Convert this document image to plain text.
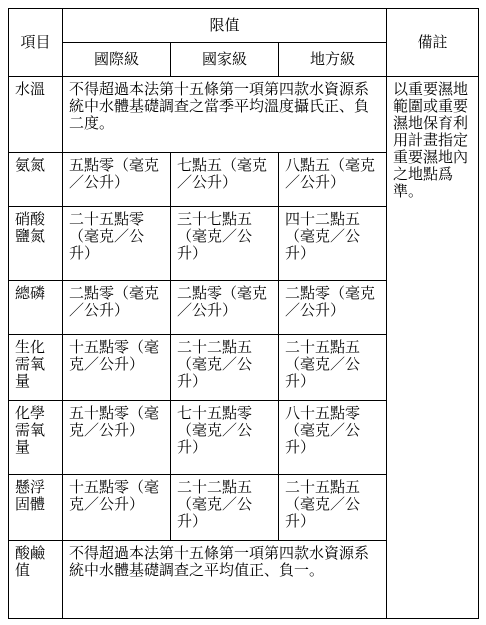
項目	限值			備註
	國際級	國家級	地方級	
水溫	不得超過本法第十五條第一項第四款水資源系統中水體基礎調查之當季平均溫度攝氏正、負二度。			以重要濕地範圍或重要濕地保育利用計畫指定重要濕地內之地點爲準。
氨氮	五點零（毫克／公升）	七點五（毫克／公升）	八點五（毫克／公升）	
硝酸鹽氮	二十五點零（毫克／公升）	三十七點五（毫克／公升）	四十二點五（毫克／公升）	
總磷	二點零（毫克／公升）	二點零（毫克／公升）	二點零（毫克／公升）	
生化需氧量	十五點零（毫克／公升）	二十二點五（毫克／公升）	二十五點五（毫克／公升）	
化學需氧量	五十點零（毫克／公升）	七十五點零（毫克／公升）	八十五點零（毫克／公升）	
懸浮固體	十五點零（毫克／公升）	二十二點五（毫克／公升）	二十五點五（毫克／公升）	
酸鹼值	不得超過本法第十五條第一項第四款水資源系統中水體基礎調查之平均值正、負一。			
